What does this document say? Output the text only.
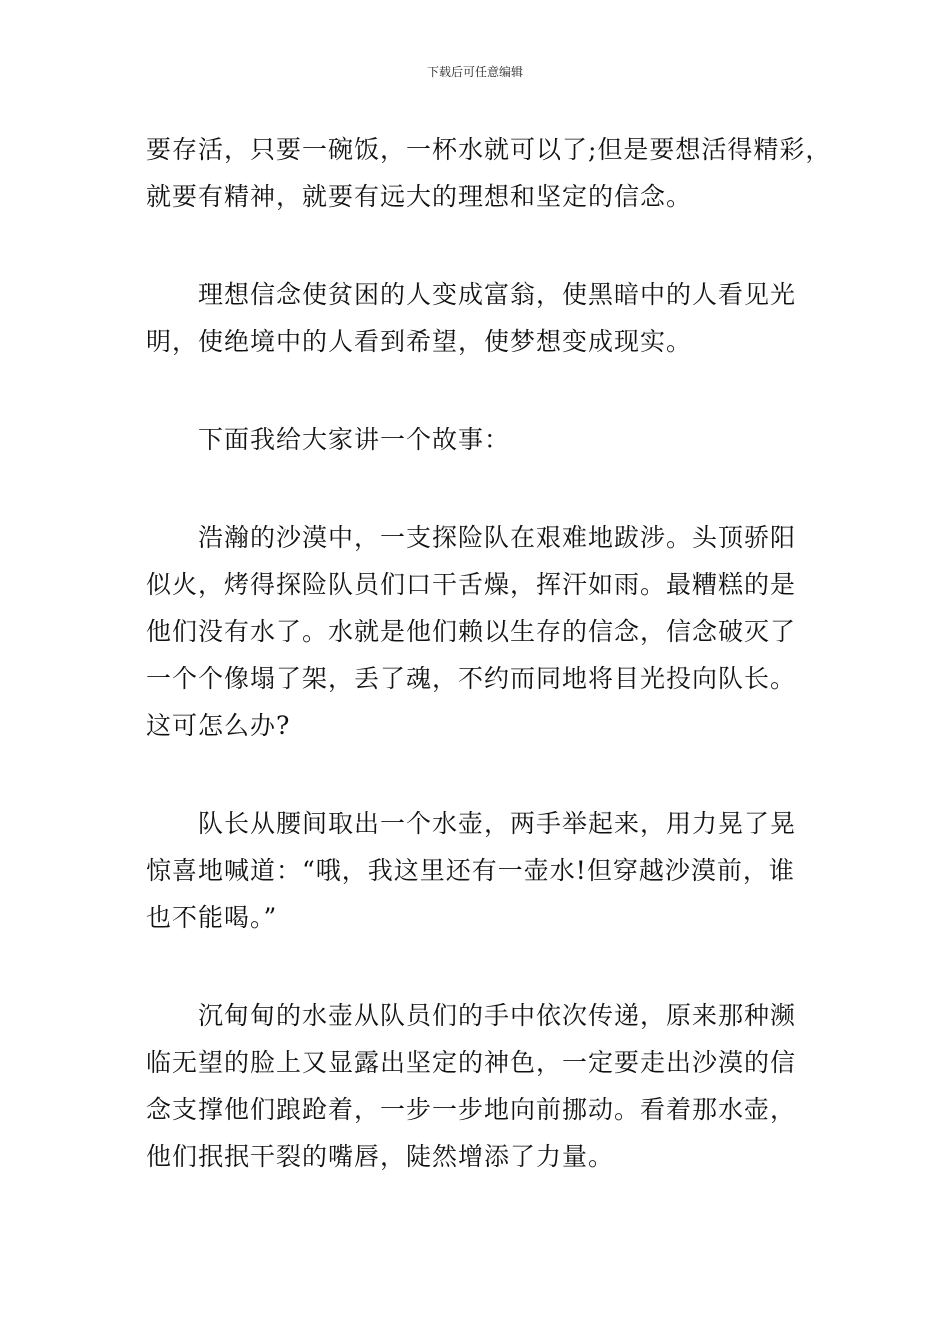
下载后可任意编辑

要存活，只要一碗饭，一杯水就可以了;但是要想活得精彩，
就要有精神，就要有远大的理想和坚定的信念。

理想信念使贫困的人变成富翁，使黑暗中的人看见光
明，使绝境中的人看到希望，使梦想变成现实。

下面我给大家讲一个故事：

浩瀚的沙漠中，一支探险队在艰难地跋涉。头顶骄阳
似火，烤得探险队员们口干舌燥，挥汗如雨。最糟糕的是
他们没有水了。水就是他们赖以生存的信念，信念破灭了
一个个像塌了架，丢了魂，不约而同地将目光投向队长。
这可怎么办?

队长从腰间取出一个水壶，两手举起来，用力晃了晃
惊喜地喊道：“哦，我这里还有一壶水!但穿越沙漠前，谁
也不能喝。”

沉甸甸的水壶从队员们的手中依次传递，原来那种濒
临无望的脸上又显露出坚定的神色，一定要走出沙漠的信
念支撑他们踉跄着，一步一步地向前挪动。看着那水壶，
他们抿抿干裂的嘴唇，陡然增添了力量。
